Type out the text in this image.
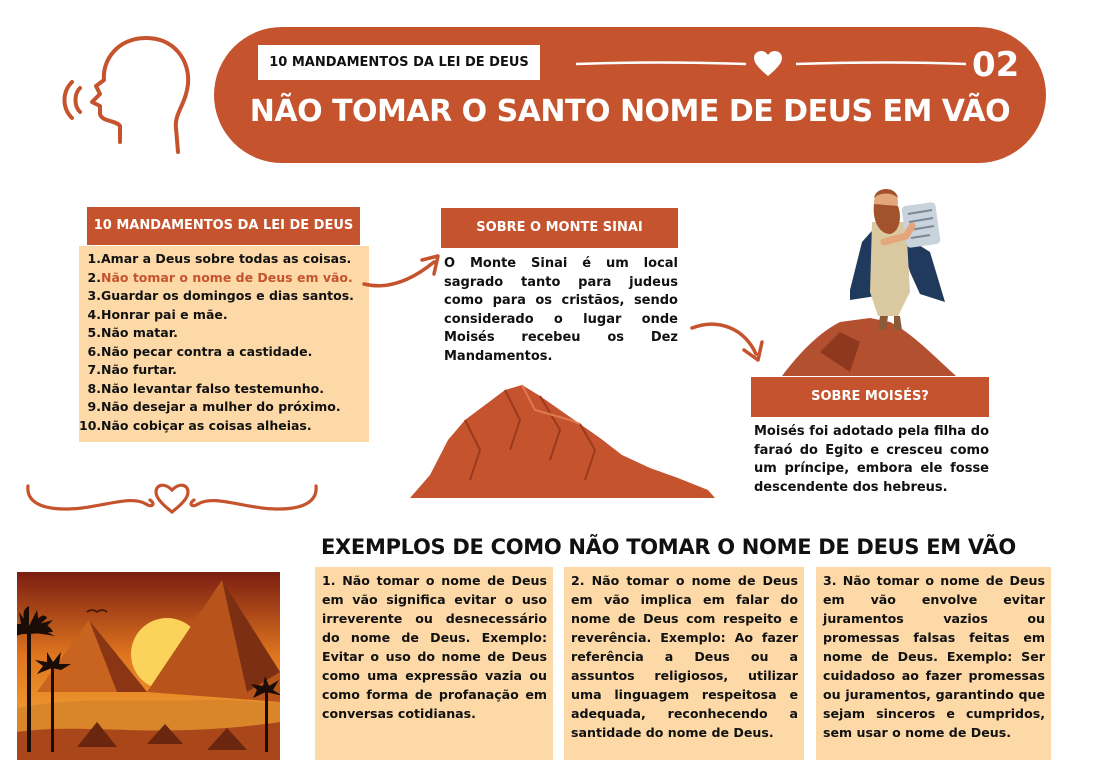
10 MANDAMENTOS DA LEI DE DEUS	02
NÃO TOMAR O SANTO NOME DE DEUS EM VÃO
10 MANDAMENTOS DA LEI DE DEUS
1.Amar a Deus sobre todas as coisas.
2.Não tomar o nome de Deus em vão.
3.Guardar os domingos e dias santos.
4.Honrar pai e mãe.
5.Não matar.
6.Não pecar contra a castidade.
7.Não furtar.
8.Não levantar falso testemunho.
9.Não desejar a mulher do próximo.
10.Não cobiçar as coisas alheias.
SOBRE O MONTE SINAI
O Monte Sinai é um local sagrado tanto para judeus como para os cristãos, sendo considerado o lugar onde Moisés recebeu os Dez Mandamentos.
SOBRE MOISÉS?
Moisés foi adotado pela filha do faraó do Egito e cresceu como um príncipe, embora ele fosse descendente dos hebreus.
EXEMPLOS DE COMO NÃO TOMAR O NOME DE DEUS EM VÃO
1. Não tomar o nome de Deus em vão significa evitar o uso irreverente ou desnecessário do nome de Deus. Exemplo: Evitar o uso do nome de Deus como uma expressão vazia ou como forma de profanação em conversas cotidianas.
2. Não tomar o nome de Deus em vão implica em falar do nome de Deus com respeito e reverência. Exemplo: Ao fazer referência a Deus ou a assuntos religiosos, utilizar uma linguagem respeitosa e adequada, reconhecendo a santidade do nome de Deus.
3. Não tomar o nome de Deus em vão envolve evitar juramentos vazios ou promessas falsas feitas em nome de Deus. Exemplo: Ser cuidadoso ao fazer promessas ou juramentos, garantindo que sejam sinceros e cumpridos, sem usar o nome de Deus.
